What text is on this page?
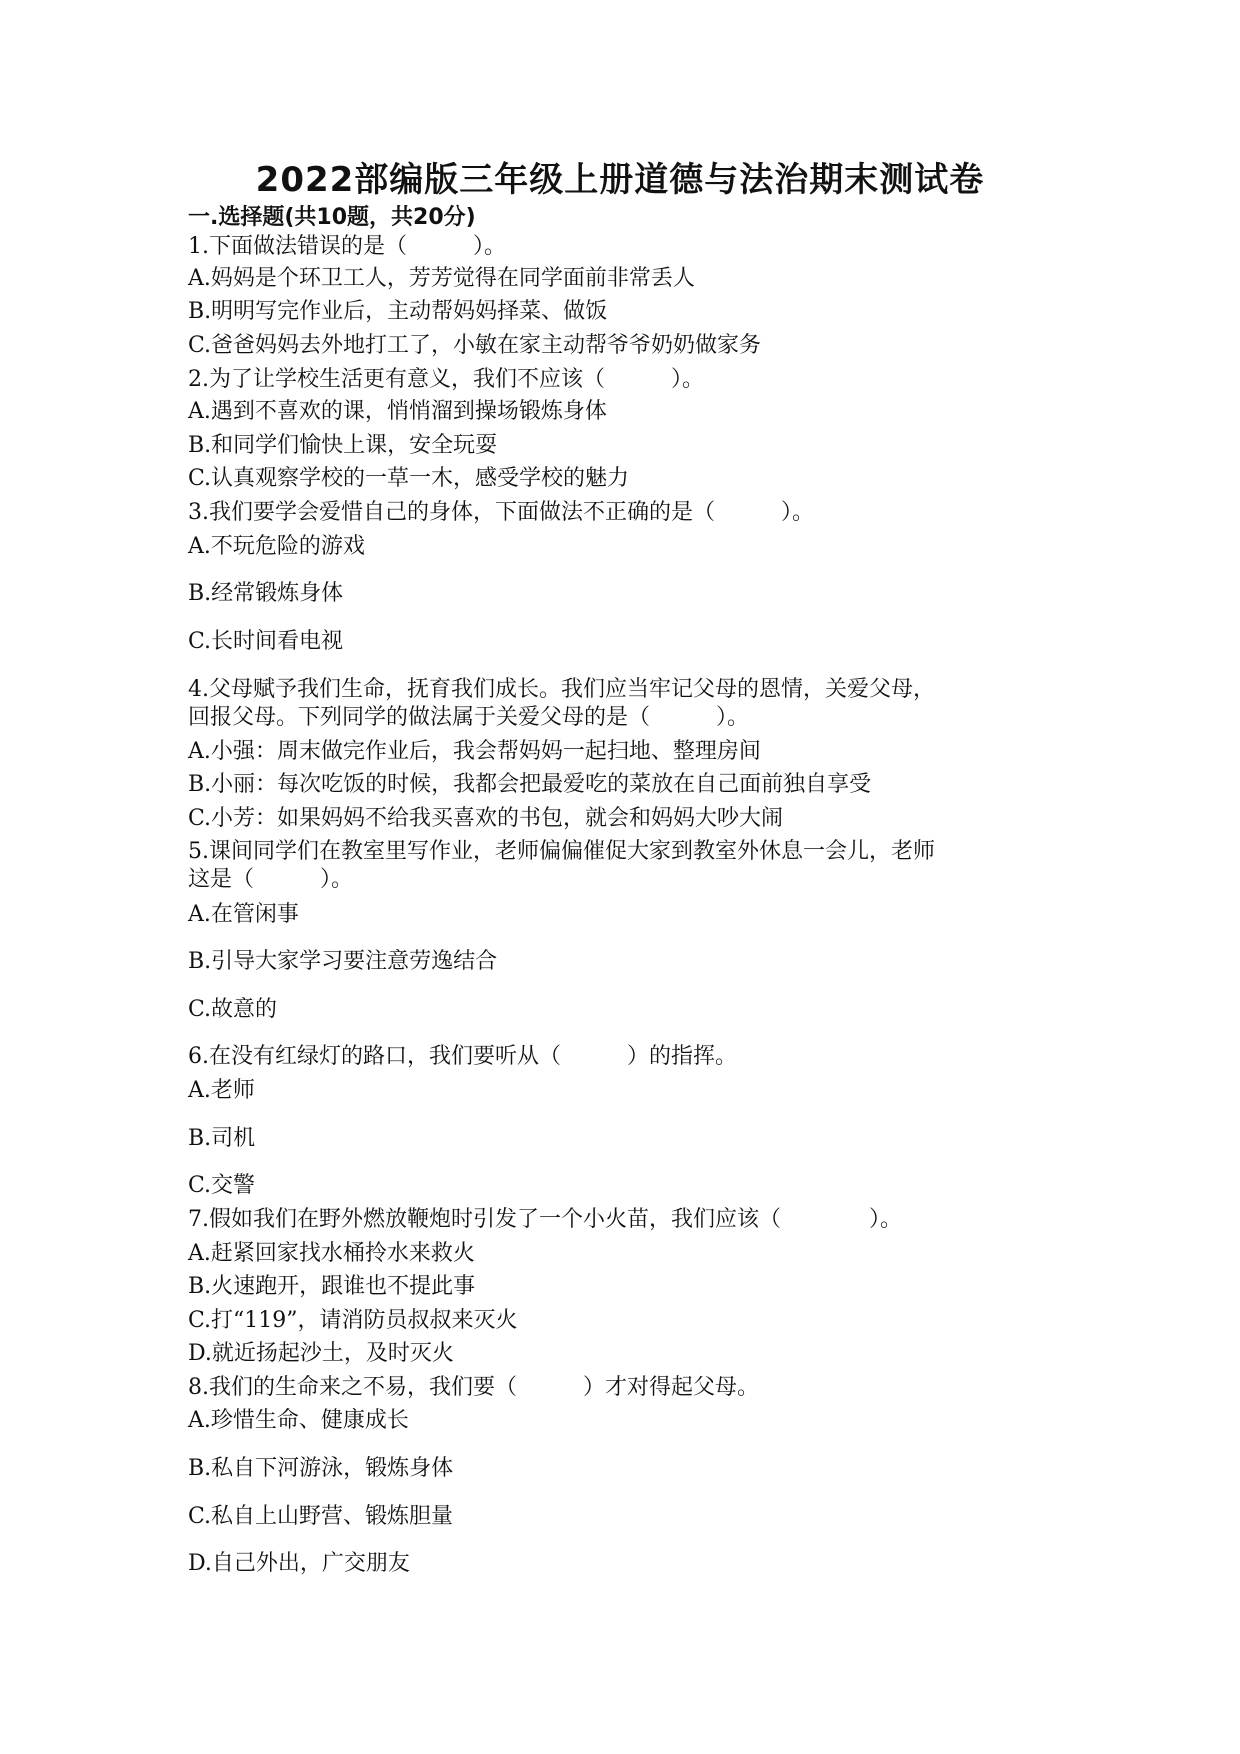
2022部编版三年级上册道德与法治期末测试卷
一.选择题(共10题，共20分)
1.下面做法错误的是（　　　）。
A.妈妈是个环卫工人，芳芳觉得在同学面前非常丢人
B.明明写完作业后，主动帮妈妈择菜、做饭
C.爸爸妈妈去外地打工了，小敏在家主动帮爷爷奶奶做家务
2.为了让学校生活更有意义，我们不应该（　　　）。
A.遇到不喜欢的课，悄悄溜到操场锻炼身体
B.和同学们愉快上课，安全玩耍
C.认真观察学校的一草一木，感受学校的魅力
3.我们要学会爱惜自己的身体，下面做法不正确的是（　　　）。
A.不玩危险的游戏
B.经常锻炼身体
C.长时间看电视
4.父母赋予我们生命，抚育我们成长。我们应当牢记父母的恩情，关爱父母，
回报父母。下列同学的做法属于关爱父母的是（　　　）。
A.小强：周末做完作业后，我会帮妈妈一起扫地、整理房间
B.小丽：每次吃饭的时候，我都会把最爱吃的菜放在自己面前独自享受
C.小芳：如果妈妈不给我买喜欢的书包，就会和妈妈大吵大闹
5.课间同学们在教室里写作业，老师偏偏催促大家到教室外休息一会儿，老师
这是（　　　）。
A.在管闲事
B.引导大家学习要注意劳逸结合
C.故意的
6.在没有红绿灯的路口，我们要听从（　　　）的指挥。
A.老师
B.司机
C.交警
7.假如我们在野外燃放鞭炮时引发了一个小火苗，我们应该（　　　　）。
A.赶紧回家找水桶拎水来救火
B.火速跑开，跟谁也不提此事
C.打“119”，请消防员叔叔来灭火
D.就近扬起沙土，及时灭火
8.我们的生命来之不易，我们要（　　　）才对得起父母。
A.珍惜生命、健康成长
B.私自下河游泳，锻炼身体
C.私自上山野营、锻炼胆量
D.自己外出，广交朋友
